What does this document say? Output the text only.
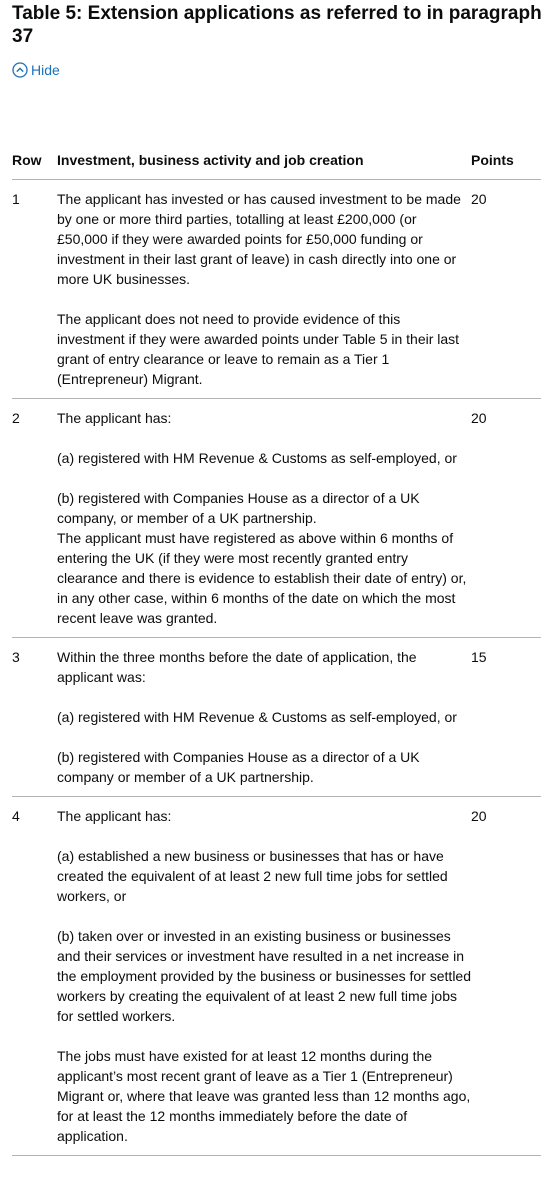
Table 5: Extension applications as referred to in paragraph 37
Hide
Row	Investment, business activity and job creation	Points
1	The applicant has invested or has caused investment to be made by one or more third parties, totalling at least £200,000 (or £50,000 if they were awarded points for £50,000 funding or investment in their last grant of leave) in cash directly into one or more UK businesses.

The applicant does not need to provide evidence of this investment if they were awarded points under Table 5 in their last grant of entry clearance or leave to remain as a Tier 1 (Entrepreneur) Migrant.	20
2	The applicant has:

(a) registered with HM Revenue & Customs as self-employed, or

(b) registered with Companies House as a director of a UK company, or member of a UK partnership.

The applicant must have registered as above within 6 months of entering the UK (if they were most recently granted entry clearance and there is evidence to establish their date of entry) or, in any other case, within 6 months of the date on which the most recent leave was granted.	20
3	Within the three months before the date of application, the applicant was:

(a) registered with HM Revenue & Customs as self-employed, or

(b) registered with Companies House as a director of a UK company or member of a UK partnership.	15
4	The applicant has:

(a) established a new business or businesses that has or have created the equivalent of at least 2 new full time jobs for settled workers, or

(b) taken over or invested in an existing business or businesses and their services or investment have resulted in a net increase in the employment provided by the business or businesses for settled workers by creating the equivalent of at least 2 new full time jobs for settled workers.

The jobs must have existed for at least 12 months during the applicant’s most recent grant of leave as a Tier 1 (Entrepreneur) Migrant or, where that leave was granted less than 12 months ago, for at least the 12 months immediately before the date of application.	20
